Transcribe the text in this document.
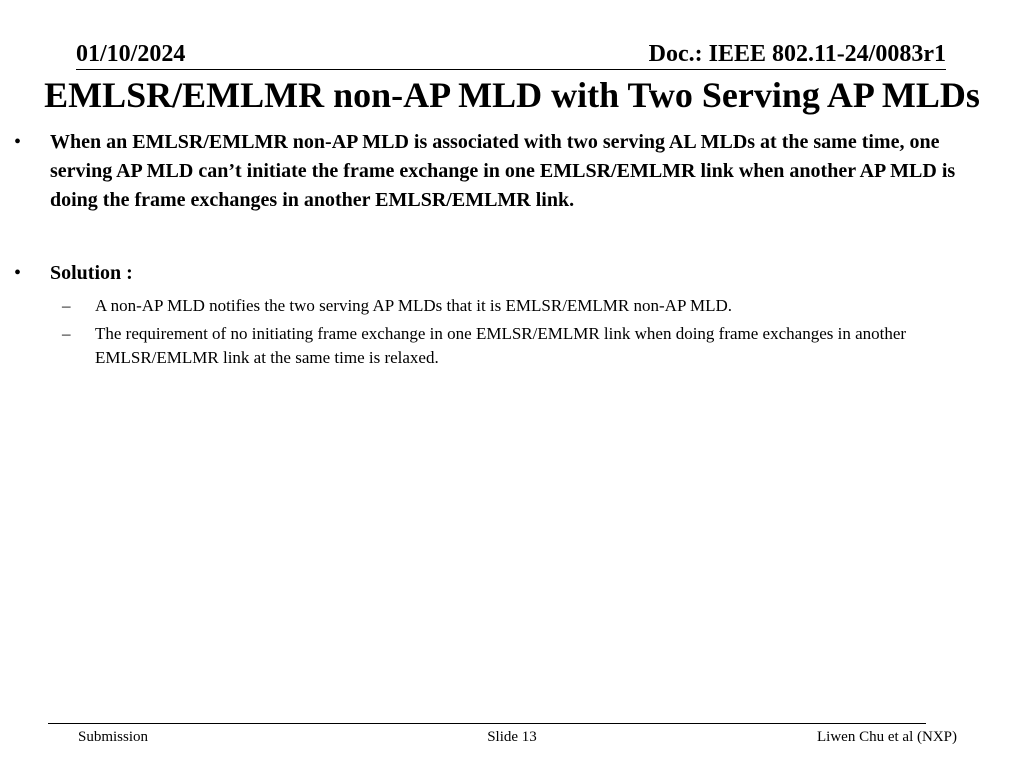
01/10/2024	Doc.: IEEE 802.11-24/0083r1
EMLSR/EMLMR non-AP MLD with Two Serving AP MLDs
• When an EMLSR/EMLMR non-AP MLD is associated with two serving AL MLDs at the same time, one serving AP MLD can’t initiate the frame exchange in one EMLSR/EMLMR link when another AP MLD is doing the frame exchanges in another EMLSR/EMLMR link.
• Solution :
– A non-AP MLD notifies the two serving AP MLDs that it is EMLSR/EMLMR non-AP MLD.
– The requirement of no initiating frame exchange in one EMLSR/EMLMR link when doing frame exchanges in another EMLSR/EMLMR link at the same time is relaxed.
Submission	Slide 13	Liwen Chu et al (NXP)
